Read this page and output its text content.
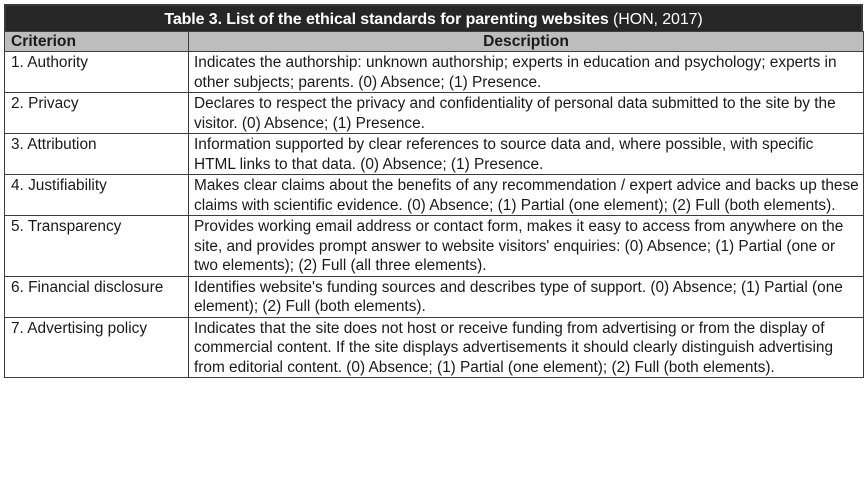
Table 3. List of the ethical standards for parenting websites (HON, 2017)
Criterion	Description
1. Authority	Indicates the authorship: unknown authorship; experts in education and psychology; experts in other subjects; parents. (0) Absence; (1) Presence.
2. Privacy	Declares to respect the privacy and confidentiality of personal data submitted to the site by the visitor. (0) Absence; (1) Presence.
3. Attribution	Information supported by clear references to source data and, where possible, with specific HTML links to that data. (0) Absence; (1) Presence.
4. Justifiability	Makes clear claims about the benefits of any recommendation / expert advice and backs up these claims with scientific evidence. (0) Absence; (1) Partial (one element); (2) Full (both elements).
5. Transparency	Provides working email address or contact form, makes it easy to access from anywhere on the site, and provides prompt answer to website visitors' enquiries: (0) Absence; (1) Partial (one or two elements); (2) Full (all three elements).
6. Financial disclosure	Identifies website's funding sources and describes type of support. (0) Absence; (1) Partial (one element); (2) Full (both elements).
7. Advertising policy	Indicates that the site does not host or receive funding from advertising or from the display of commercial content. If the site displays advertisements it should clearly distinguish advertising from editorial content. (0) Absence; (1) Partial (one element); (2) Full (both elements).
